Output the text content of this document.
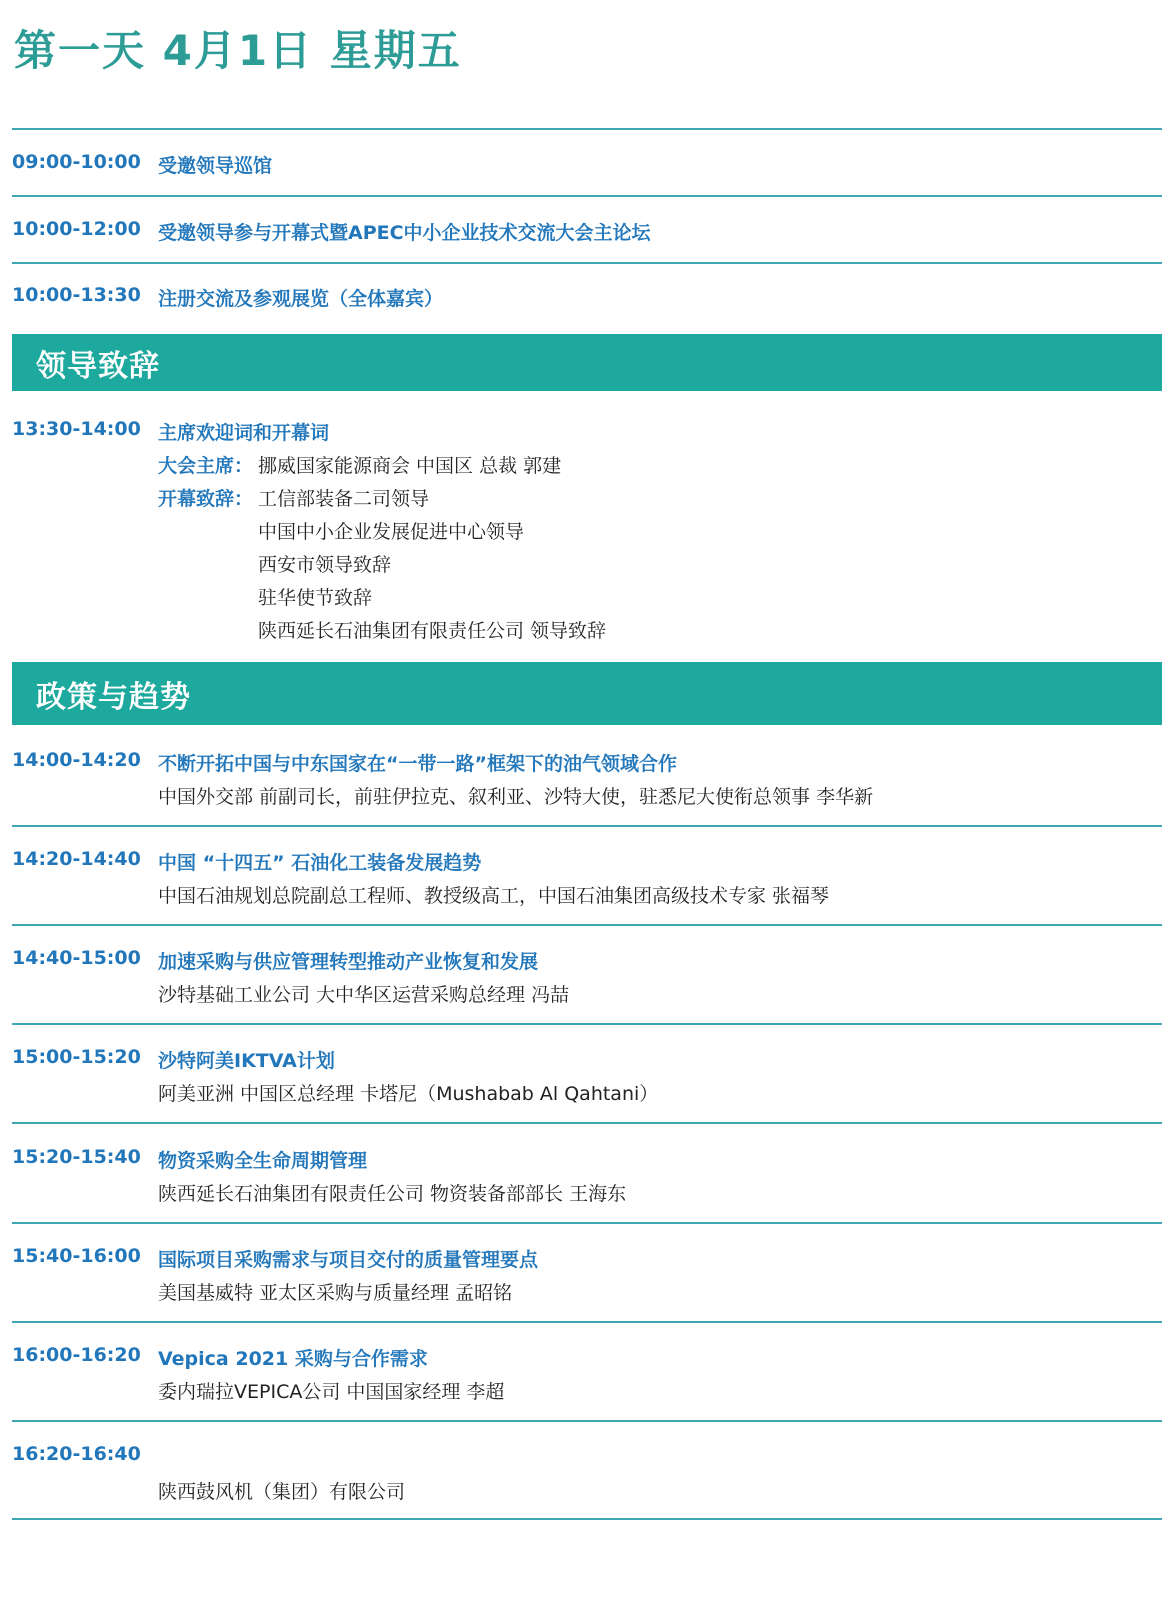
第一天 4月1日 星期五
09:00-10:00 受邀领导巡馆
10:00-12:00 受邀领导参与开幕式暨APEC中小企业技术交流大会主论坛
10:00-13:30 注册交流及参观展览（全体嘉宾）
领导致辞
13:30-14:00 主席欢迎词和开幕词
大会主席： 挪威国家能源商会 中国区 总裁 郭建
开幕致辞： 工信部装备二司领导
中国中小企业发展促进中心领导
西安市领导致辞
驻华使节致辞
陕西延长石油集团有限责任公司 领导致辞
政策与趋势
14:00-14:20 不断开拓中国与中东国家在“一带一路”框架下的油气领域合作
中国外交部 前副司长，前驻伊拉克、叙利亚、沙特大使，驻悉尼大使衔总领事 李华新
14:20-14:40 中国 “十四五” 石油化工装备发展趋势
中国石油规划总院副总工程师、教授级高工，中国石油集团高级技术专家 张福琴
14:40-15:00 加速采购与供应管理转型推动产业恢复和发展
沙特基础工业公司 大中华区运营采购总经理 冯喆
15:00-15:20 沙特阿美IKTVA计划
阿美亚洲 中国区总经理 卡塔尼（Mushabab Al Qahtani）
15:20-15:40 物资采购全生命周期管理
陕西延长石油集团有限责任公司 物资装备部部长 王海东
15:40-16:00 国际项目采购需求与项目交付的质量管理要点
美国基威特 亚太区采购与质量经理 孟昭铭
16:00-16:20 Vepica 2021 采购与合作需求
委内瑞拉VEPICA公司 中国国家经理 李超
16:20-16:40
陕西鼓风机（集团）有限公司
